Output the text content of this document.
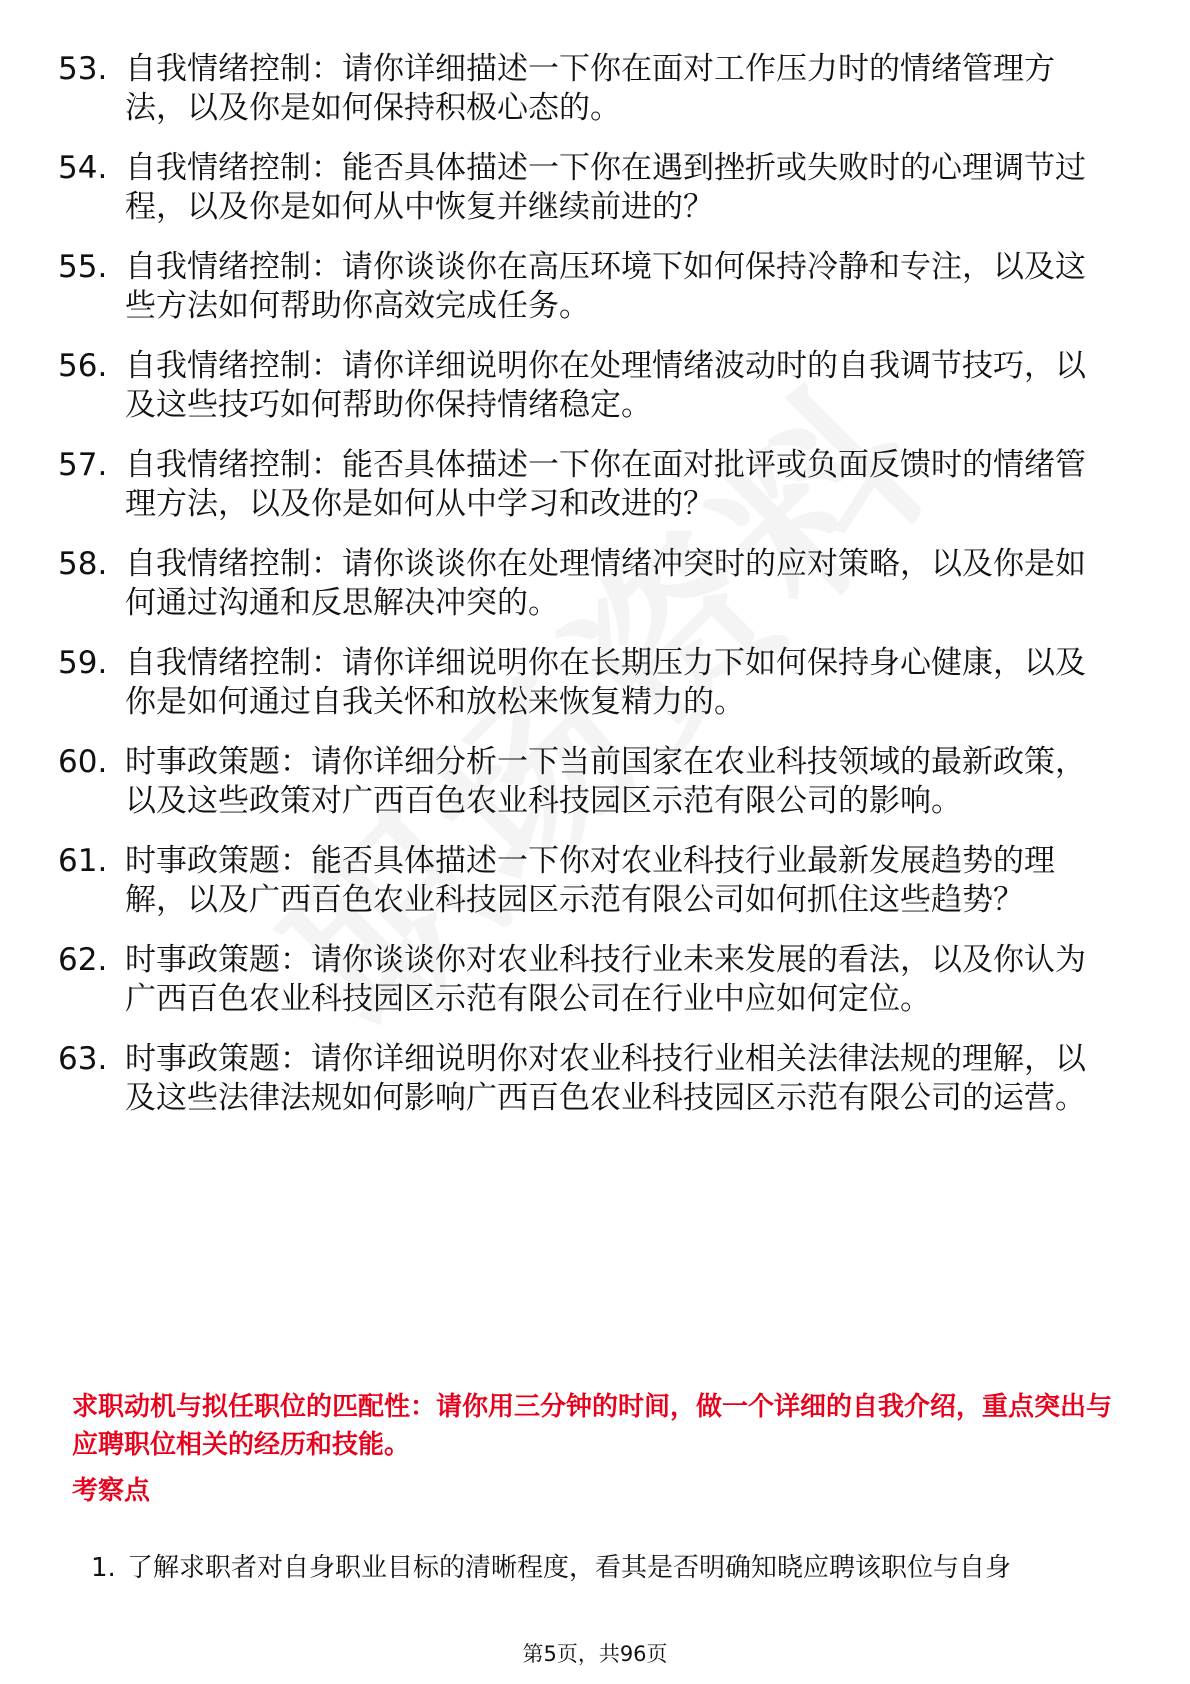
53. 自我情绪控制：请你详细描述一下你在面对工作压力时的情绪管理方法，以及你是如何保持积极心态的。
54. 自我情绪控制：能否具体描述一下你在遇到挫折或失败时的心理调节过程，以及你是如何从中恢复并继续前进的？
55. 自我情绪控制：请你谈谈你在高压环境下如何保持冷静和专注，以及这些方法如何帮助你高效完成任务。
56. 自我情绪控制：请你详细说明你在处理情绪波动时的自我调节技巧，以及这些技巧如何帮助你保持情绪稳定。
57. 自我情绪控制：能否具体描述一下你在面对批评或负面反馈时的情绪管理方法，以及你是如何从中学习和改进的？
58. 自我情绪控制：请你谈谈你在处理情绪冲突时的应对策略，以及你是如何通过沟通和反思解决冲突的。
59. 自我情绪控制：请你详细说明你在长期压力下如何保持身心健康，以及你是如何通过自我关怀和放松来恢复精力的。
60. 时事政策题：请你详细分析一下当前国家在农业科技领域的最新政策，以及这些政策对广西百色农业科技园区示范有限公司的影响。
61. 时事政策题：能否具体描述一下你对农业科技行业最新发展趋势的理解，以及广西百色农业科技园区示范有限公司如何抓住这些趋势？
62. 时事政策题：请你谈谈你对农业科技行业未来发展的看法，以及你认为广西百色农业科技园区示范有限公司在行业中应如何定位。
63. 时事政策题：请你详细说明你对农业科技行业相关法律法规的理解，以及这些法律法规如何影响广西百色农业科技园区示范有限公司的运营。
求职动机与拟任职位的匹配性：请你用三分钟的时间，做一个详细的自我介绍，重点突出与应聘职位相关的经历和技能。
考察点
1. 了解求职者对自身职业目标的清晰程度，看其是否明确知晓应聘该职位与自身
第5页，共96页
